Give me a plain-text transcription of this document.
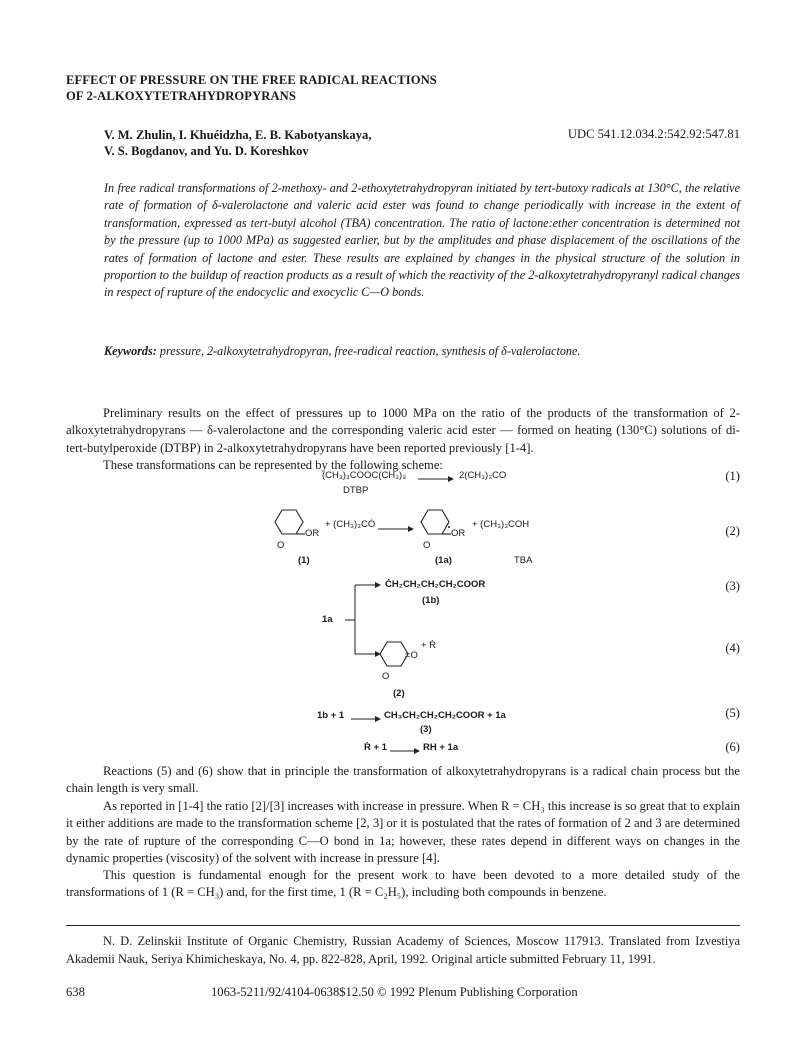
EFFECT OF PRESSURE ON THE FREE RADICAL REACTIONS
OF 2-ALKOXYTETRAHYDROPYRANS
V. M. Zhulin, I. Khuéidzha, E. B. Kabotyanskaya,
V. S. Bogdanov, and Yu. D. Koreshkov
UDC 541.12.034.2:542.92:547.81
In free radical transformations of 2-methoxy- and 2-ethoxytetrahydropyran initiated by tert-butoxy radicals at 130°C, the relative rate of formation of δ-valerolactone and valeric acid ester was found to change periodically with increase in the extent of transformation, expressed as tert-butyl alcohol (TBA) concentration. The ratio of lactone:ether concentration is determined not by the pressure (up to 1000 MPa) as suggested earlier, but by the amplitudes and phase displacement of the oscillations of the rates of formation of lactone and ester. These results are explained by changes in the physical structure of the solution in proportion to the buildup of reaction products as a result of which the reactivity of the 2-alkoxytetrahydropyranyl radical changes in respect of rupture of the endocyclic and exocyclic C—O bonds.
Keywords: pressure, 2-alkoxytetrahydropyran, free-radical reaction, synthesis of δ-valerolactone.
Preliminary results on the effect of pressures up to 1000 MPa on the ratio of the products of the transformation of 2-alkoxytetrahydropyrans — δ-valerolactone and the corresponding valeric acid ester — formed on heating (130°C) solutions of di-tert-butylperoxide (DTBP) in 2-alkoxytetrahydropyrans have been reported previously [1-4].
These transformations can be represented by the following scheme:
(CH₃)₃COOC(CH₃)₃	2(CH₃)₃CO
DTBP
(1)
OR
O
+ (CH₃)₃CȮ
OR
O
+ (CH₃)₃COH
(1)	(1a)	TBA
(2)
1a
ĊH₂CH₂CH₂CH₂COOR
(1b)
(3)
=O
+ Ṙ
O
(2)
(4)
1b + 1	CH₃CH₂CH₂CH₂COOR + 1a
(3)
(5)
Ṙ + 1	RH + 1a	(6)
Reactions (5) and (6) show that in principle the transformation of alkoxytetrahydropyrans is a radical chain process but the chain length is very small.
As reported in [1-4] the ratio [2]/[3] increases with increase in pressure. When R = CH₃ this increase is so great that to explain it either additions are made to the transformation scheme [2, 3] or it is postulated that the rates of formation of 2 and 3 are determined by the rate of rupture of the corresponding C—O bond in 1a; however, these rates depend in different ways on changes in the dynamic properties (viscosity) of the solvent with increase in pressure [4].
This question is fundamental enough for the present work to have been devoted to a more detailed study of the transformations of 1 (R = CH₃) and, for the first time, 1 (R = C₂H₅), including both compounds in benzene.
N. D. Zelinskii Institute of Organic Chemistry, Russian Academy of Sciences, Moscow 117913. Translated from Izvestiya Akademii Nauk, Seriya Khimicheskaya, No. 4, pp. 822-828, April, 1992. Original article submitted February 11, 1991.
638	1063-5211/92/4104-0638$12.50 © 1992 Plenum Publishing Corporation
